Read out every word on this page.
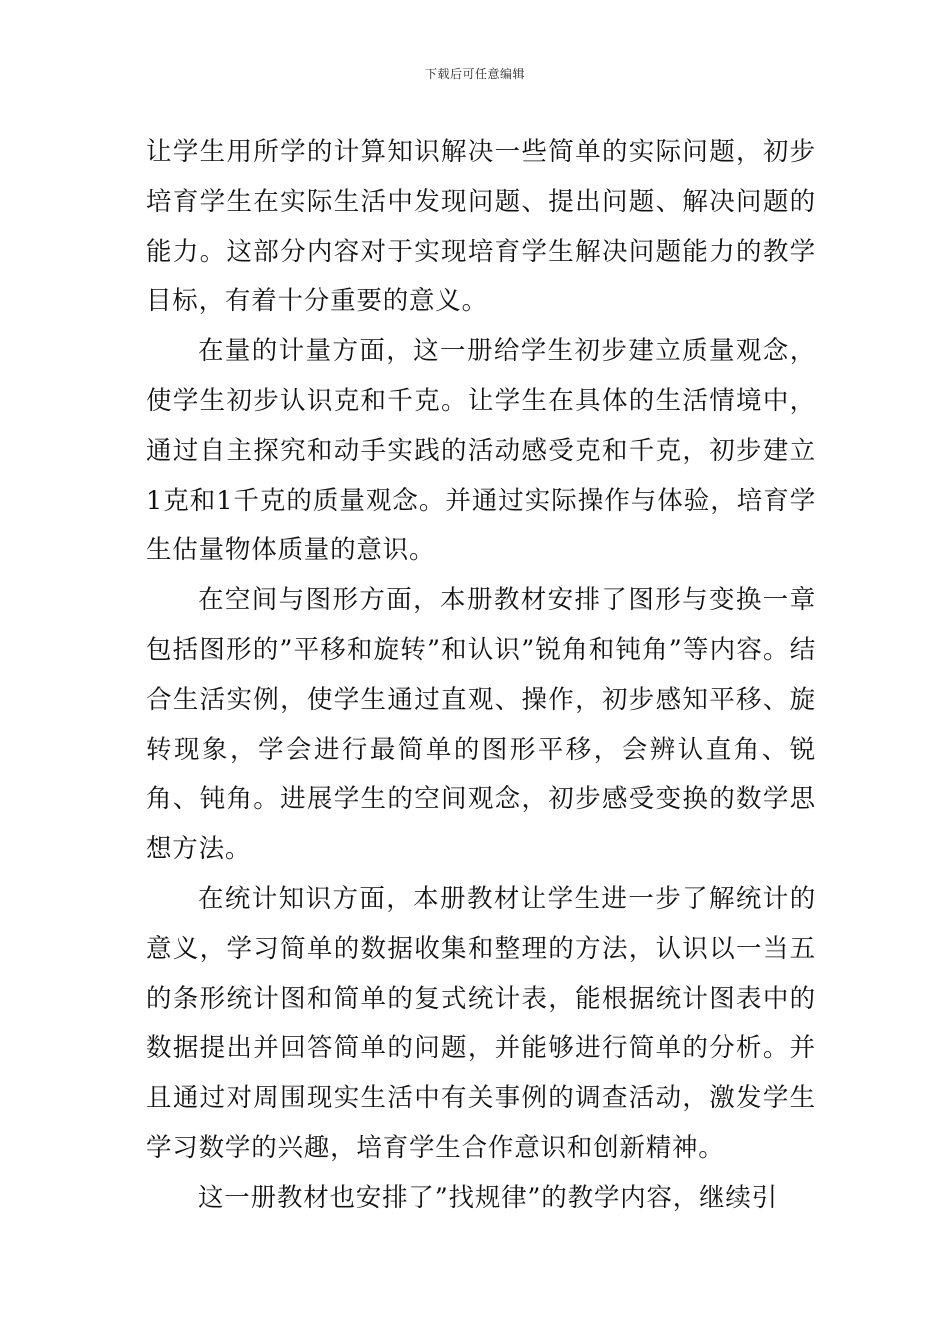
下载后可任意编辑

让学生用所学的计算知识解决一些简单的实际问题，初步培育学生在实际生活中发现问题、提出问题、解决问题的能力。这部分内容对于实现培育学生解决问题能力的教学目标，有着十分重要的意义。

在量的计量方面，这一册给学生初步建立质量观念，使学生初步认识克和千克。让学生在具体的生活情境中，通过自主探究和动手实践的活动感受克和千克，初步建立1克和1千克的质量观念。并通过实际操作与体验，培育学生估量物体质量的意识。

在空间与图形方面，本册教材安排了图形与变换一章包括图形的”平移和旋转”和认识”锐角和钝角”等内容。结合生活实例，使学生通过直观、操作，初步感知平移、旋转现象，学会进行最简单的图形平移，会辨认直角、锐角、钝角。进展学生的空间观念，初步感受变换的数学思想方法。

在统计知识方面，本册教材让学生进一步了解统计的意义，学习简单的数据收集和整理的方法，认识以一当五的条形统计图和简单的复式统计表，能根据统计图表中的数据提出并回答简单的问题，并能够进行简单的分析。并且通过对周围现实生活中有关事例的调查活动，激发学生学习数学的兴趣，培育学生合作意识和创新精神。

这一册教材也安排了”找规律”的教学内容，继续引
